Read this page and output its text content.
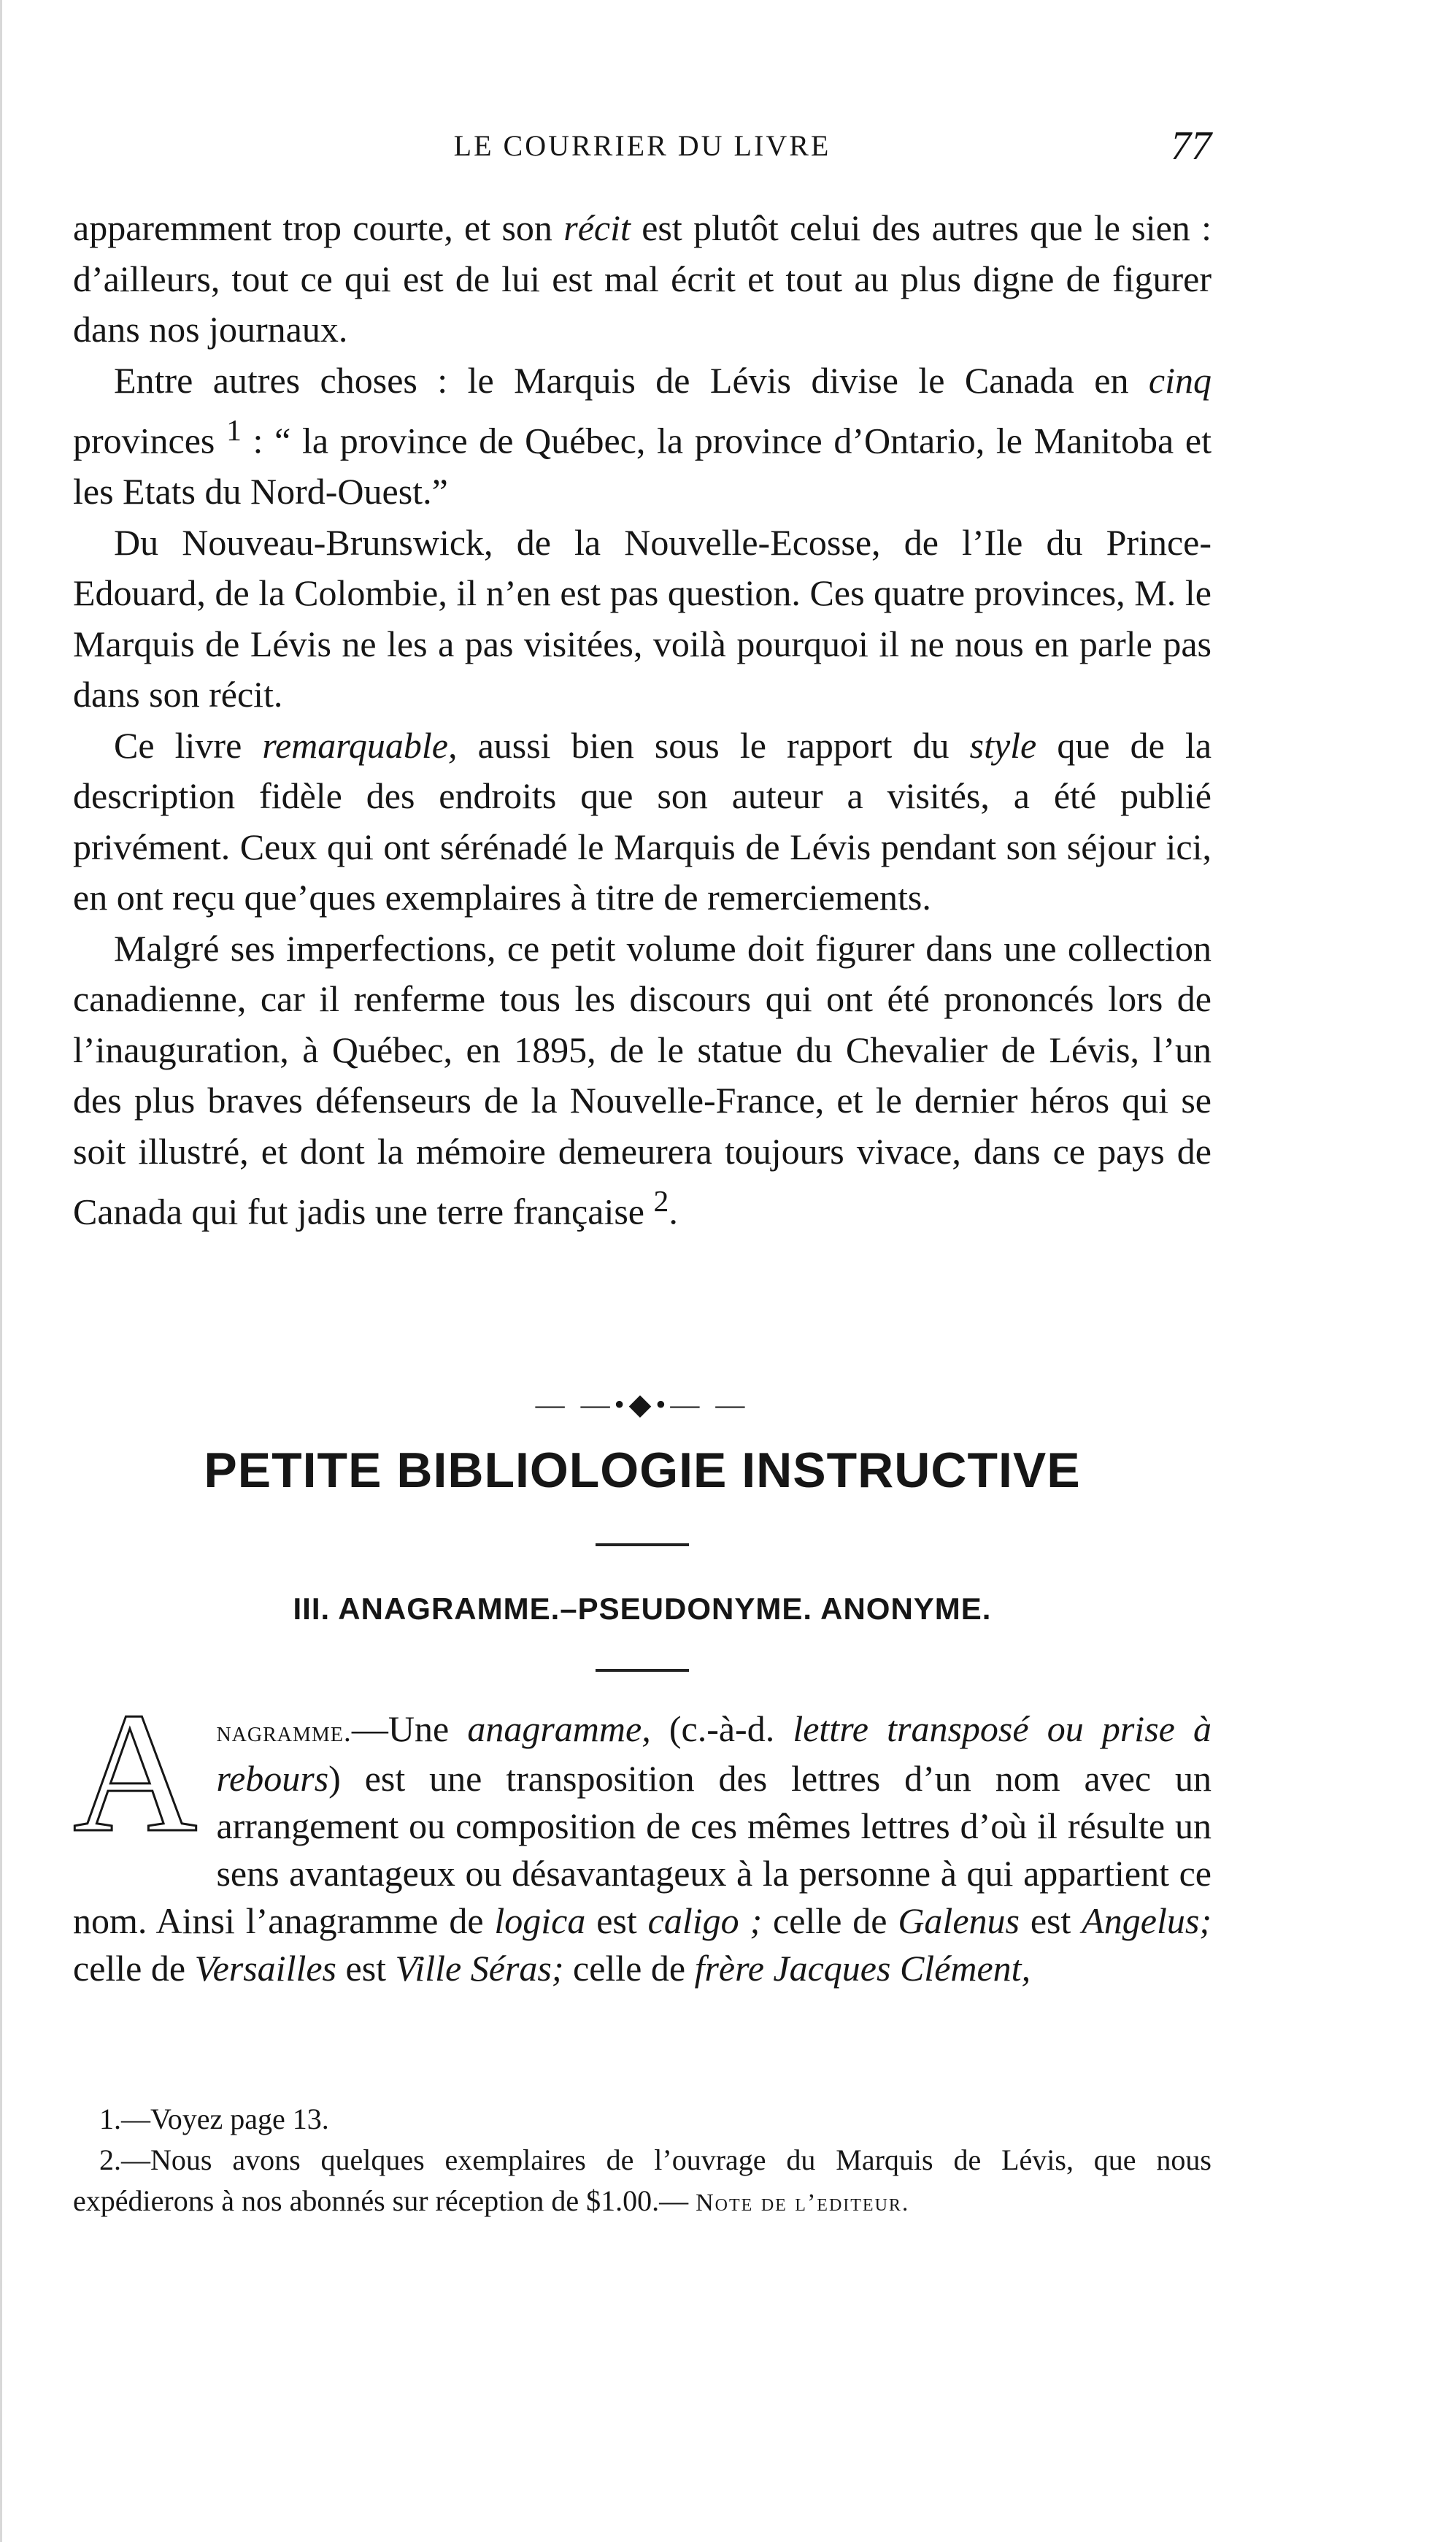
LE COURRIER DU LIVRE	77

apparemment trop courte, et son récit est plutôt celui des autres que le sien : d’ailleurs, tout ce qui est de lui est mal écrit et tout au plus digne de figurer dans nos journaux.

Entre autres choses : le Marquis de Lévis divise le Canada en cinq provinces $^1$ : “ la province de Québec, la province d’Ontario, le Manitoba et les Etats du Nord-Ouest.”

Du Nouveau-Brunswick, de la Nouvelle-Ecosse, de l’Ile du Prince-Edouard, de la Colombie, il n’en est pas question. Ces quatre provinces, M. le Marquis de Lévis ne les a pas visitées, voilà pourquoi il ne nous en parle pas dans son récit.

Ce livre remarquable, aussi bien sous le rapport du style que de la description fidèle des endroits que son auteur a visités, a été publié privément. Ceux qui ont sérénadé le Marquis de Lévis pendant son séjour ici, en ont reçu que’ques exemplaires à titre de remerciements.

Malgré ses imperfections, ce petit volume doit figurer dans une collection canadienne, car il renferme tous les discours qui ont été prononcés lors de l’inauguration, à Québec, en 1895, de le statue du Chevalier de Lévis, l’un des plus braves défenseurs de la Nouvelle-France, et le dernier héros qui se soit illustré, et dont la mémoire demeurera toujours vivace, dans ce pays de Canada qui fut jadis une terre française $^2$.

— —•◆•— —
PETITE BIBLIOLOGIE INSTRUCTIVE
III. ANAGRAMME.–PSEUDONYME. ANONYME.
Anagramme.—Une anagramme, (c.-à-d. lettre transposé ou prise à rebours) est une transposition des lettres d’un nom avec un arrangement ou composition de ces mêmes lettres d’où il résulte un sens avantageux ou désavantageux à la personne à qui appartient ce nom. Ainsi l’anagramme de logica est caligo ; celle de Galenus est Angelus; celle de Versailles est Ville Séras; celle de frère Jacques Clément,

1.—Voyez page 13.

2.—Nous avons quelques exemplaires de l’ouvrage du Marquis de Lévis, que nous expédierons à nos abonnés sur réception de $1.00.— Note de l’editeur.
